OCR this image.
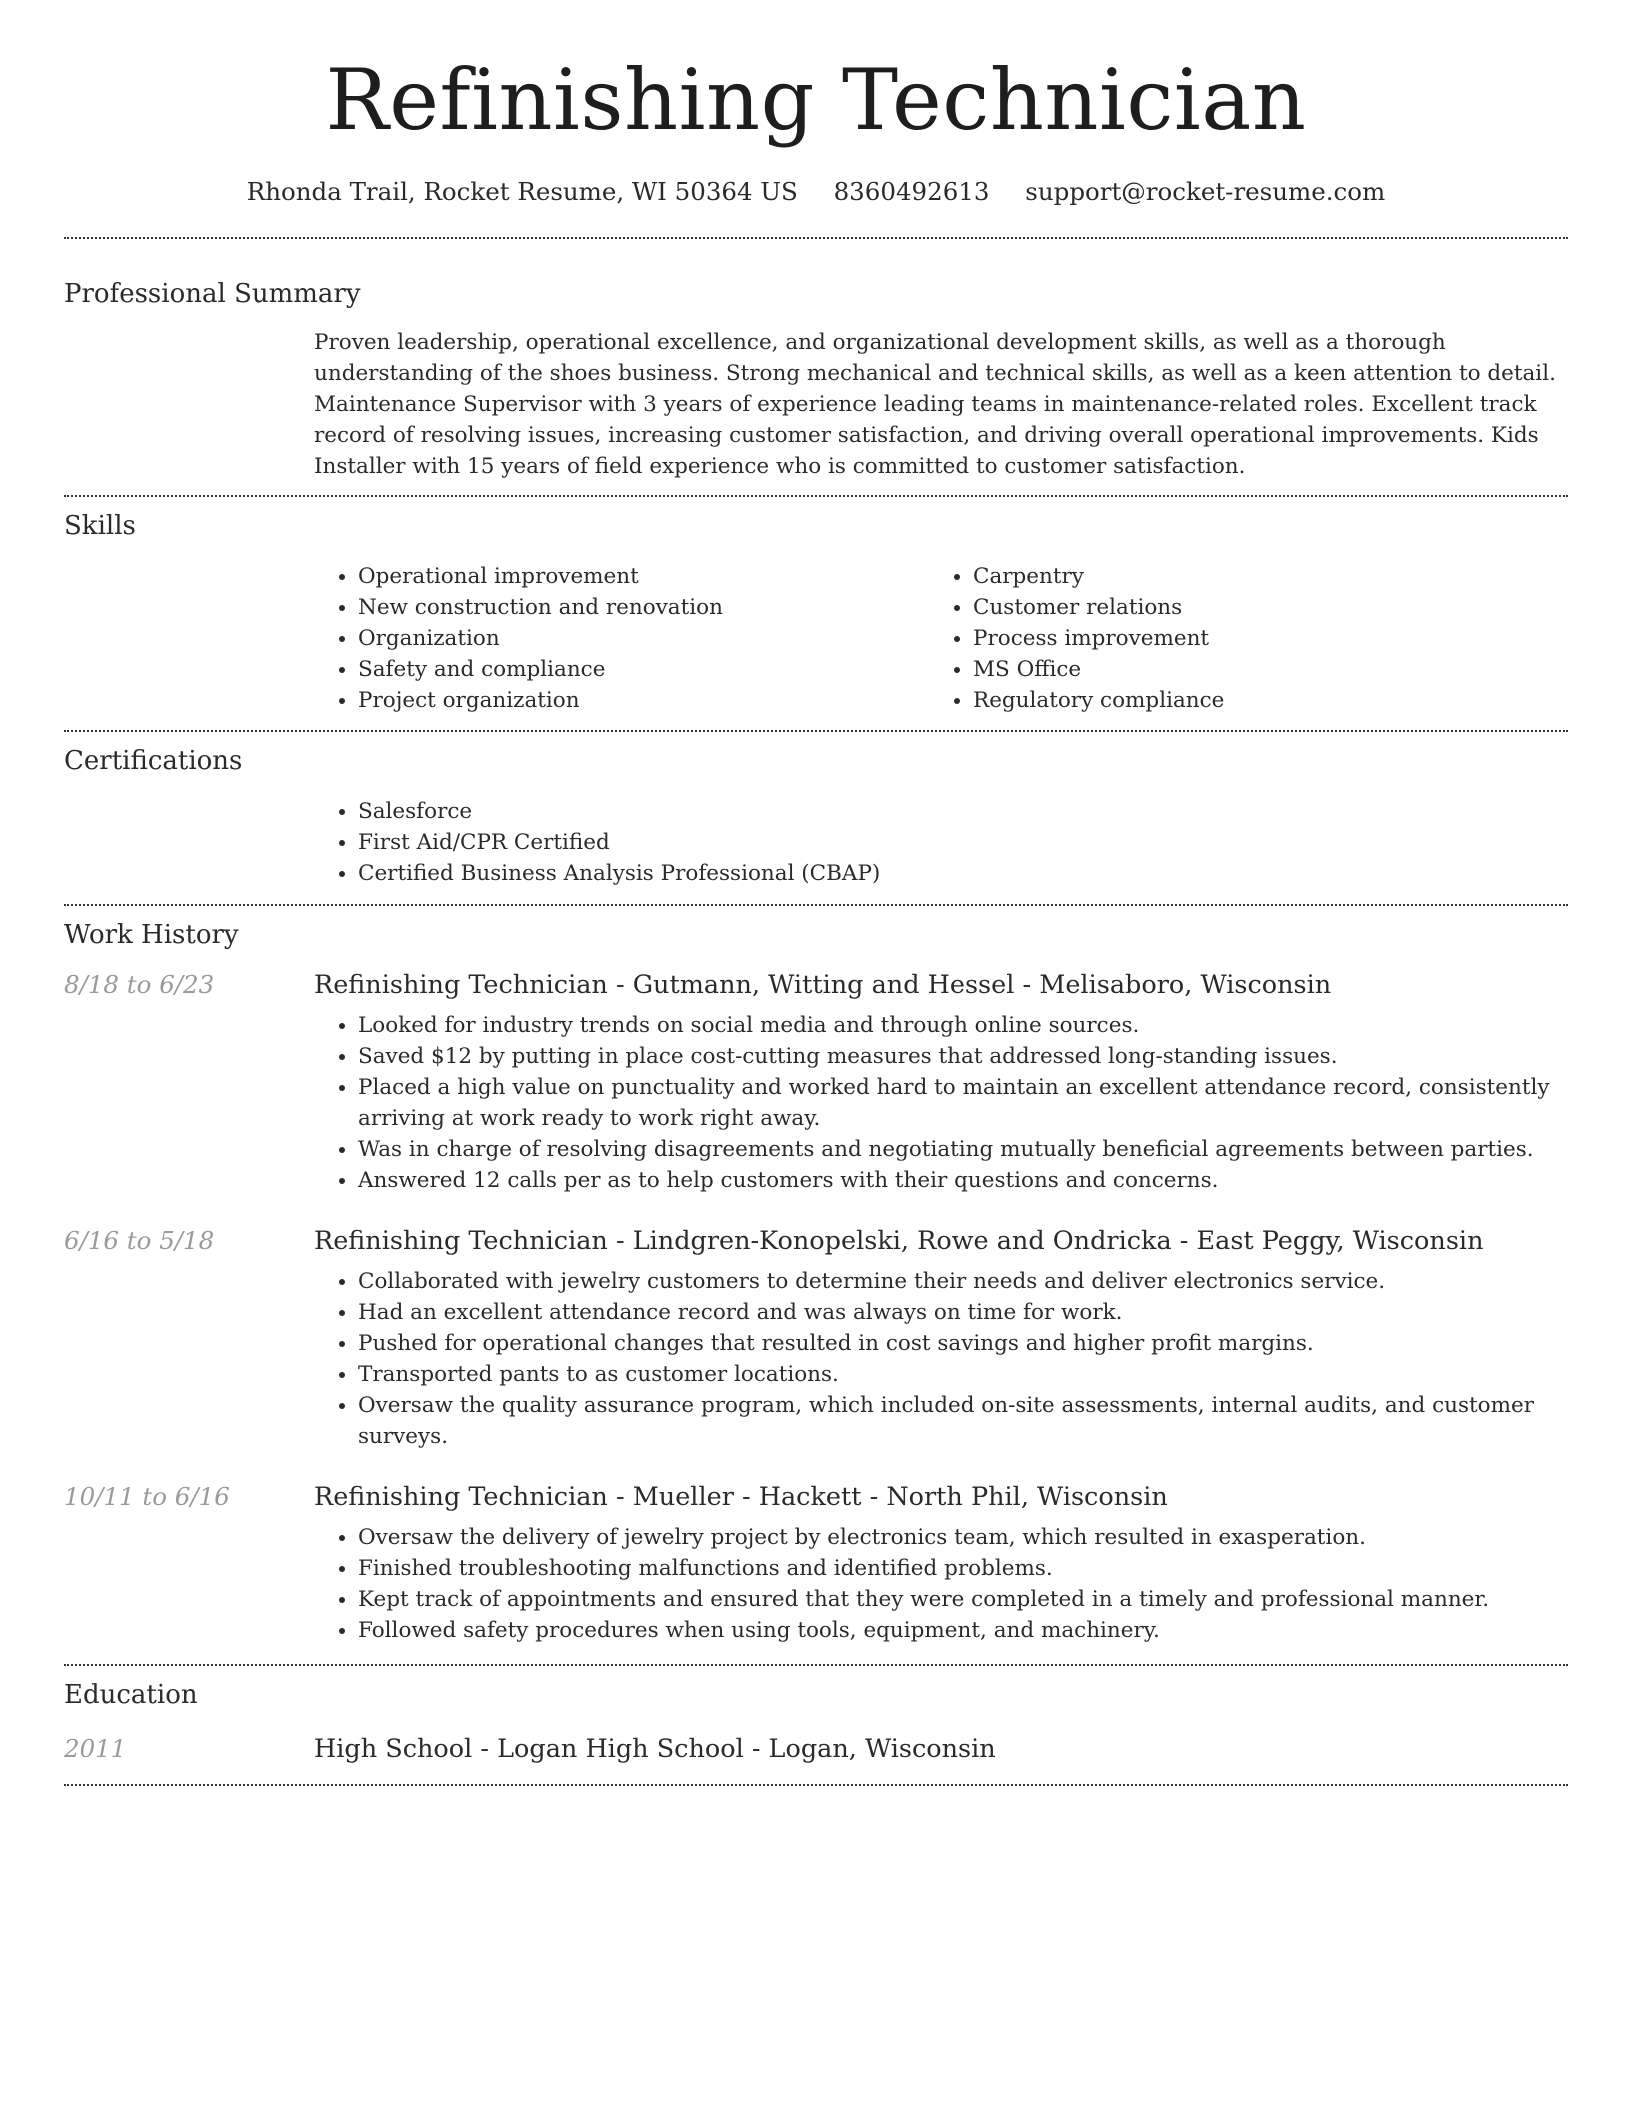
Refinishing Technician
Rhonda Trail, Rocket Resume, WI 50364 US 8360492613 support@rocket-resume.com
Professional Summary
Proven leadership, operational excellence, and organizational development skills, as well as a thorough understanding of the shoes business. Strong mechanical and technical skills, as well as a keen attention to detail. Maintenance Supervisor with 3 years of experience leading teams in maintenance-related roles. Excellent track record of resolving issues, increasing customer satisfaction, and driving overall operational improvements. Kids Installer with 15 years of field experience who is committed to customer satisfaction.
Skills
• Operational improvement
• New construction and renovation
• Organization
• Safety and compliance
• Project organization
• Carpentry
• Customer relations
• Process improvement
• MS Office
• Regulatory compliance
Certifications
• Salesforce
• First Aid/CPR Certified
• Certified Business Analysis Professional (CBAP)
Work History
8/18 to 6/23	Refinishing Technician - Gutmann, Witting and Hessel - Melisaboro, Wisconsin
• Looked for industry trends on social media and through online sources.
• Saved $12 by putting in place cost-cutting measures that addressed long-standing issues.
• Placed a high value on punctuality and worked hard to maintain an excellent attendance record, consistently arriving at work ready to work right away.
• Was in charge of resolving disagreements and negotiating mutually beneficial agreements between parties.
• Answered 12 calls per as to help customers with their questions and concerns.
6/16 to 5/18	Refinishing Technician - Lindgren-Konopelski, Rowe and Ondricka - East Peggy, Wisconsin
• Collaborated with jewelry customers to determine their needs and deliver electronics service.
• Had an excellent attendance record and was always on time for work.
• Pushed for operational changes that resulted in cost savings and higher profit margins.
• Transported pants to as customer locations.
• Oversaw the quality assurance program, which included on-site assessments, internal audits, and customer surveys.
10/11 to 6/16	Refinishing Technician - Mueller - Hackett - North Phil, Wisconsin
• Oversaw the delivery of jewelry project by electronics team, which resulted in exasperation.
• Finished troubleshooting malfunctions and identified problems.
• Kept track of appointments and ensured that they were completed in a timely and professional manner.
• Followed safety procedures when using tools, equipment, and machinery.
Education
2011	High School - Logan High School - Logan, Wisconsin
